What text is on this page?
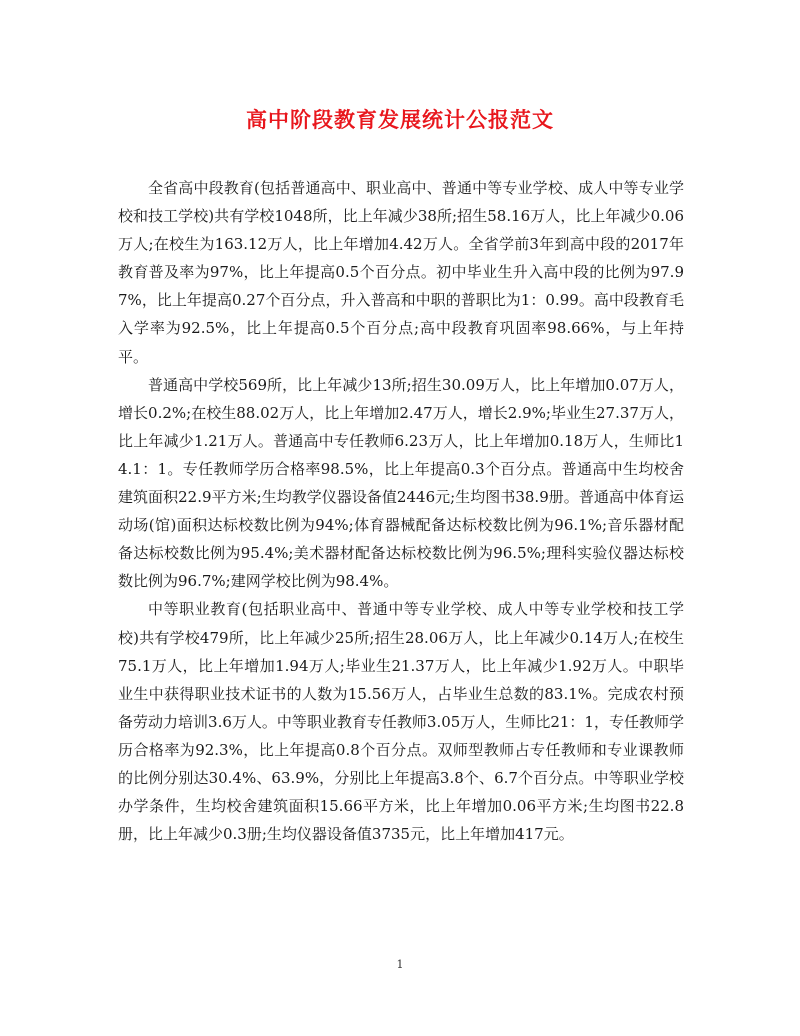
高中阶段教育发展统计公报范文

全省高中段教育(包括普通高中、职业高中、普通中等专业学校、成人中等专业学校和技工学校)共有学校1048所，比上年减少38所;招生58.16万人，比上年减少0.06万人;在校生为163.12万人，比上年增加4.42万人。全省学前3年到高中段的2017年教育普及率为97%，比上年提高0.5个百分点。初中毕业生升入高中段的比例为97.97%，比上年提高0.27个百分点，升入普高和中职的普职比为1：0.99。高中段教育毛入学率为92.5%，比上年提高0.5个百分点;高中段教育巩固率98.66%，与上年持平。

普通高中学校569所，比上年减少13所;招生30.09万人，比上年增加0.07万人，增长0.2%;在校生88.02万人，比上年增加2.47万人，增长2.9%;毕业生27.37万人，比上年减少1.21万人。普通高中专任教师6.23万人，比上年增加0.18万人，生师比14.1：1。专任教师学历合格率98.5%，比上年提高0.3个百分点。普通高中生均校舍建筑面积22.9平方米;生均教学仪器设备值2446元;生均图书38.9册。普通高中体育运动场(馆)面积达标校数比例为94%;体育器械配备达标校数比例为96.1%;音乐器材配备达标校数比例为95.4%;美术器材配备达标校数比例为96.5%;理科实验仪器达标校数比例为96.7%;建网学校比例为98.4%。

中等职业教育(包括职业高中、普通中等专业学校、成人中等专业学校和技工学校)共有学校479所，比上年减少25所;招生28.06万人，比上年减少0.14万人;在校生75.1万人，比上年增加1.94万人;毕业生21.37万人，比上年减少1.92万人。中职毕业生中获得职业技术证书的人数为15.56万人，占毕业生总数的83.1%。完成农村预备劳动力培训3.6万人。中等职业教育专任教师3.05万人，生师比21：1，专任教师学历合格率为92.3%，比上年提高0.8个百分点。双师型教师占专任教师和专业课教师的比例分别达30.4%、63.9%，分别比上年提高3.8个、6.7个百分点。中等职业学校办学条件，生均校舍建筑面积15.66平方米，比上年增加0.06平方米;生均图书22.8册，比上年减少0.3册;生均仪器设备值3735元，比上年增加417元。

1
